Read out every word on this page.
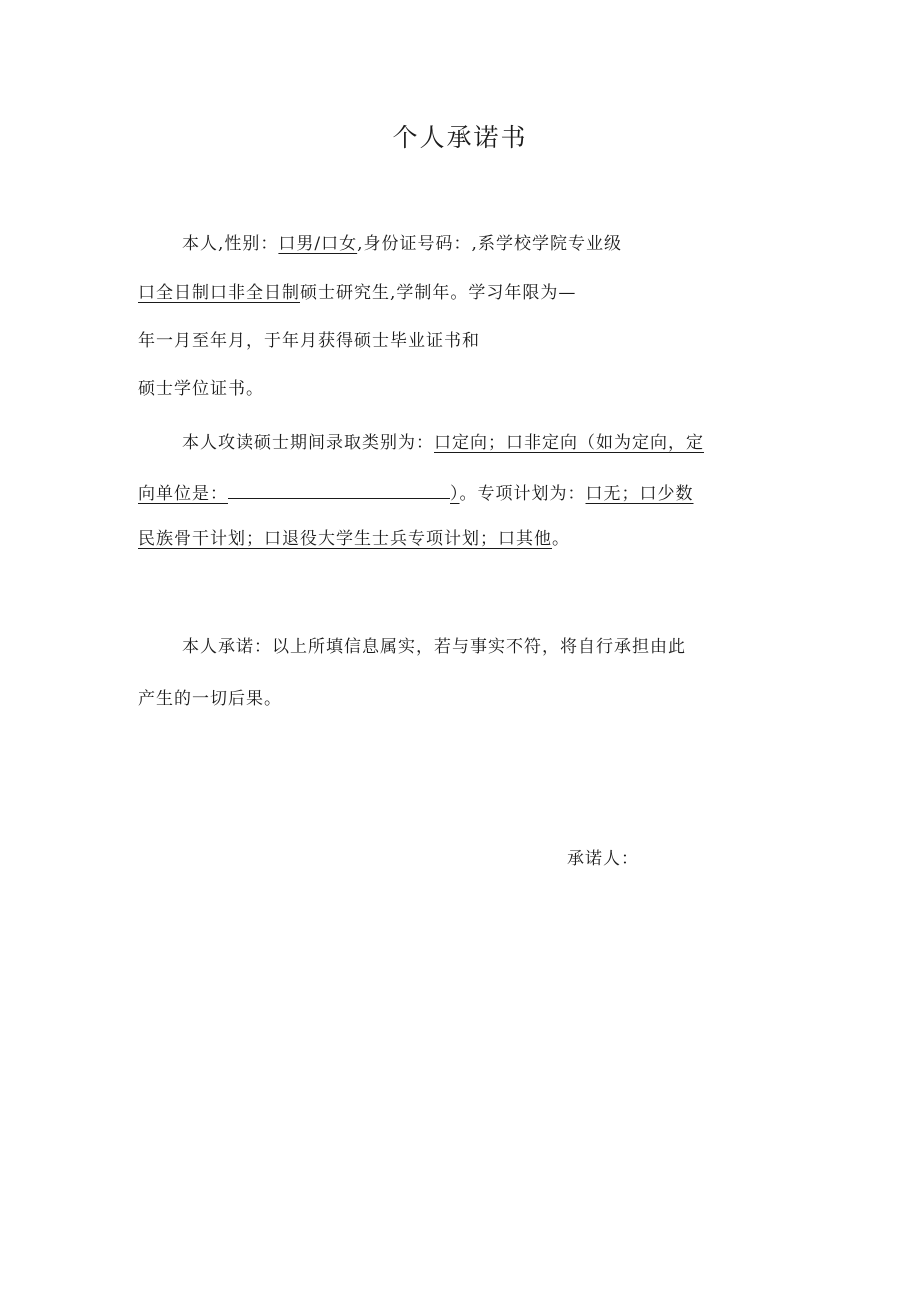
个人承诺书
本人,性别：口男/口女,身份证号码：,系学校学院专业级
口全日制口非全日制硕士研究生,学制年。学习年限为—
年一月至年月，于年月获得硕士毕业证书和
硕士学位证书。
本人攻读硕士期间录取类别为：口定向；口非定向（如为定向，定
向单位是：	）。专项计划为：口无；口少数
民族骨干计划；口退役大学生士兵专项计划；口其他。
本人承诺：以上所填信息属实，若与事实不符，将自行承担由此
产生的一切后果。
承诺人：
